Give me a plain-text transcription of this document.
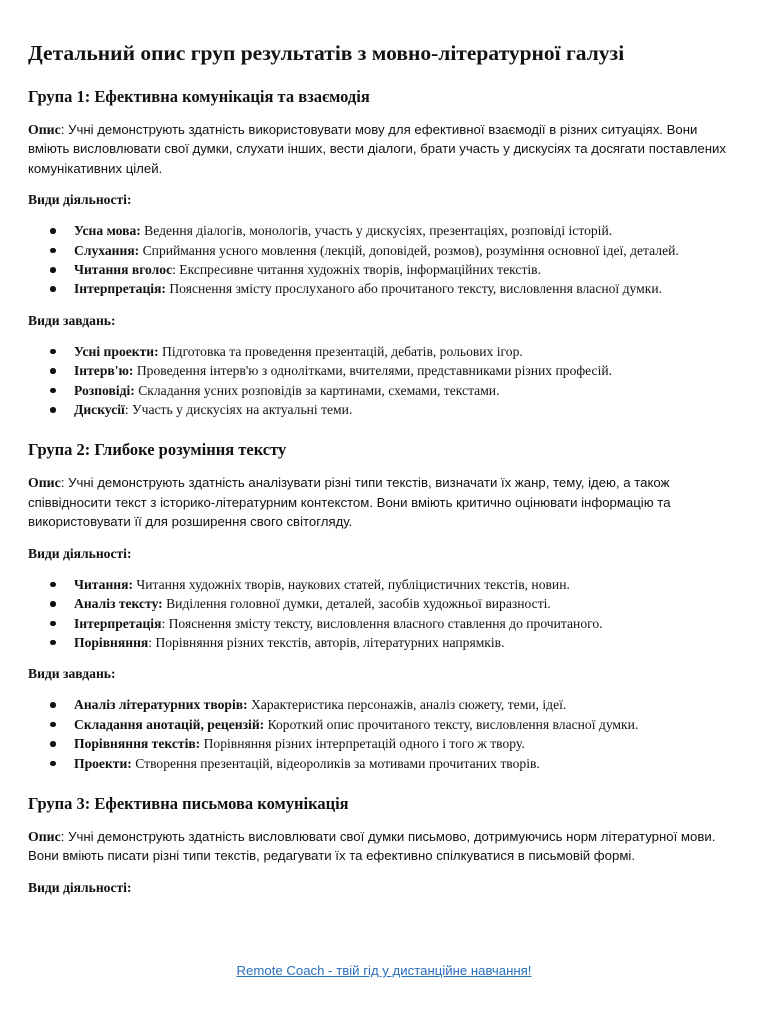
Детальний опис груп результатів з мовно-літературної галузі
Група 1: Ефективна комунікація та взаємодія

Опис: Учні демонструють здатність використовувати мову для ефективної взаємодії в різних ситуаціях. Вони вміють висловлювати свої думки, слухати інших, вести діалоги, брати участь у дискусіях та досягати поставлених комунікативних цілей.

Види діяльності:
Усна мова: Ведення діалогів, монологів, участь у дискусіях, презентаціях, розповіді історій.
Слухання: Сприймання усного мовлення (лекцій, доповідей, розмов), розуміння основної ідеї, деталей.
Читання вголос: Експресивне читання художніх творів, інформаційних текстів.
Інтерпретація: Пояснення змісту прослуханого або прочитаного тексту, висловлення власної думки.
Види завдань:
Усні проекти: Підготовка та проведення презентацій, дебатів, рольових ігор.
Інтерв'ю: Проведення інтерв'ю з однолітками, вчителями, представниками різних професій.
Розповіді: Складання усних розповідів за картинами, схемами, текстами.
Дискусії: Участь у дискусіях на актуальні теми.
Група 2: Глибоке розуміння тексту

Опис: Учні демонструють здатність аналізувати різні типи текстів, визначати їх жанр, тему, ідею, а також співвідносити текст з історико-літературним контекстом. Вони вміють критично оцінювати інформацію та використовувати її для розширення свого світогляду.

Види діяльності:
Читання: Читання художніх творів, наукових статей, публіцистичних текстів, новин.
Аналіз тексту: Виділення головної думки, деталей, засобів художньої виразності.
Інтерпретація: Пояснення змісту тексту, висловлення власного ставлення до прочитаного.
Порівняння: Порівняння різних текстів, авторів, літературних напрямків.
Види завдань:
Аналіз літературних творів: Характеристика персонажів, аналіз сюжету, теми, ідеї.
Складання анотацій, рецензій: Короткий опис прочитаного тексту, висловлення власної думки.
Порівняння текстів: Порівняння різних інтерпретацій одного і того ж твору.
Проекти: Створення презентацій, відеороликів за мотивами прочитаних творів.
Група 3: Ефективна письмова комунікація

Опис: Учні демонструють здатність висловлювати свої думки письмово, дотримуючись норм літературної мови. Вони вміють писати різні типи текстів, редагувати їх та ефективно спілкуватися в письмовій формі.

Види діяльності:
Remote Coach - твій гід у дистанційне навчання!
